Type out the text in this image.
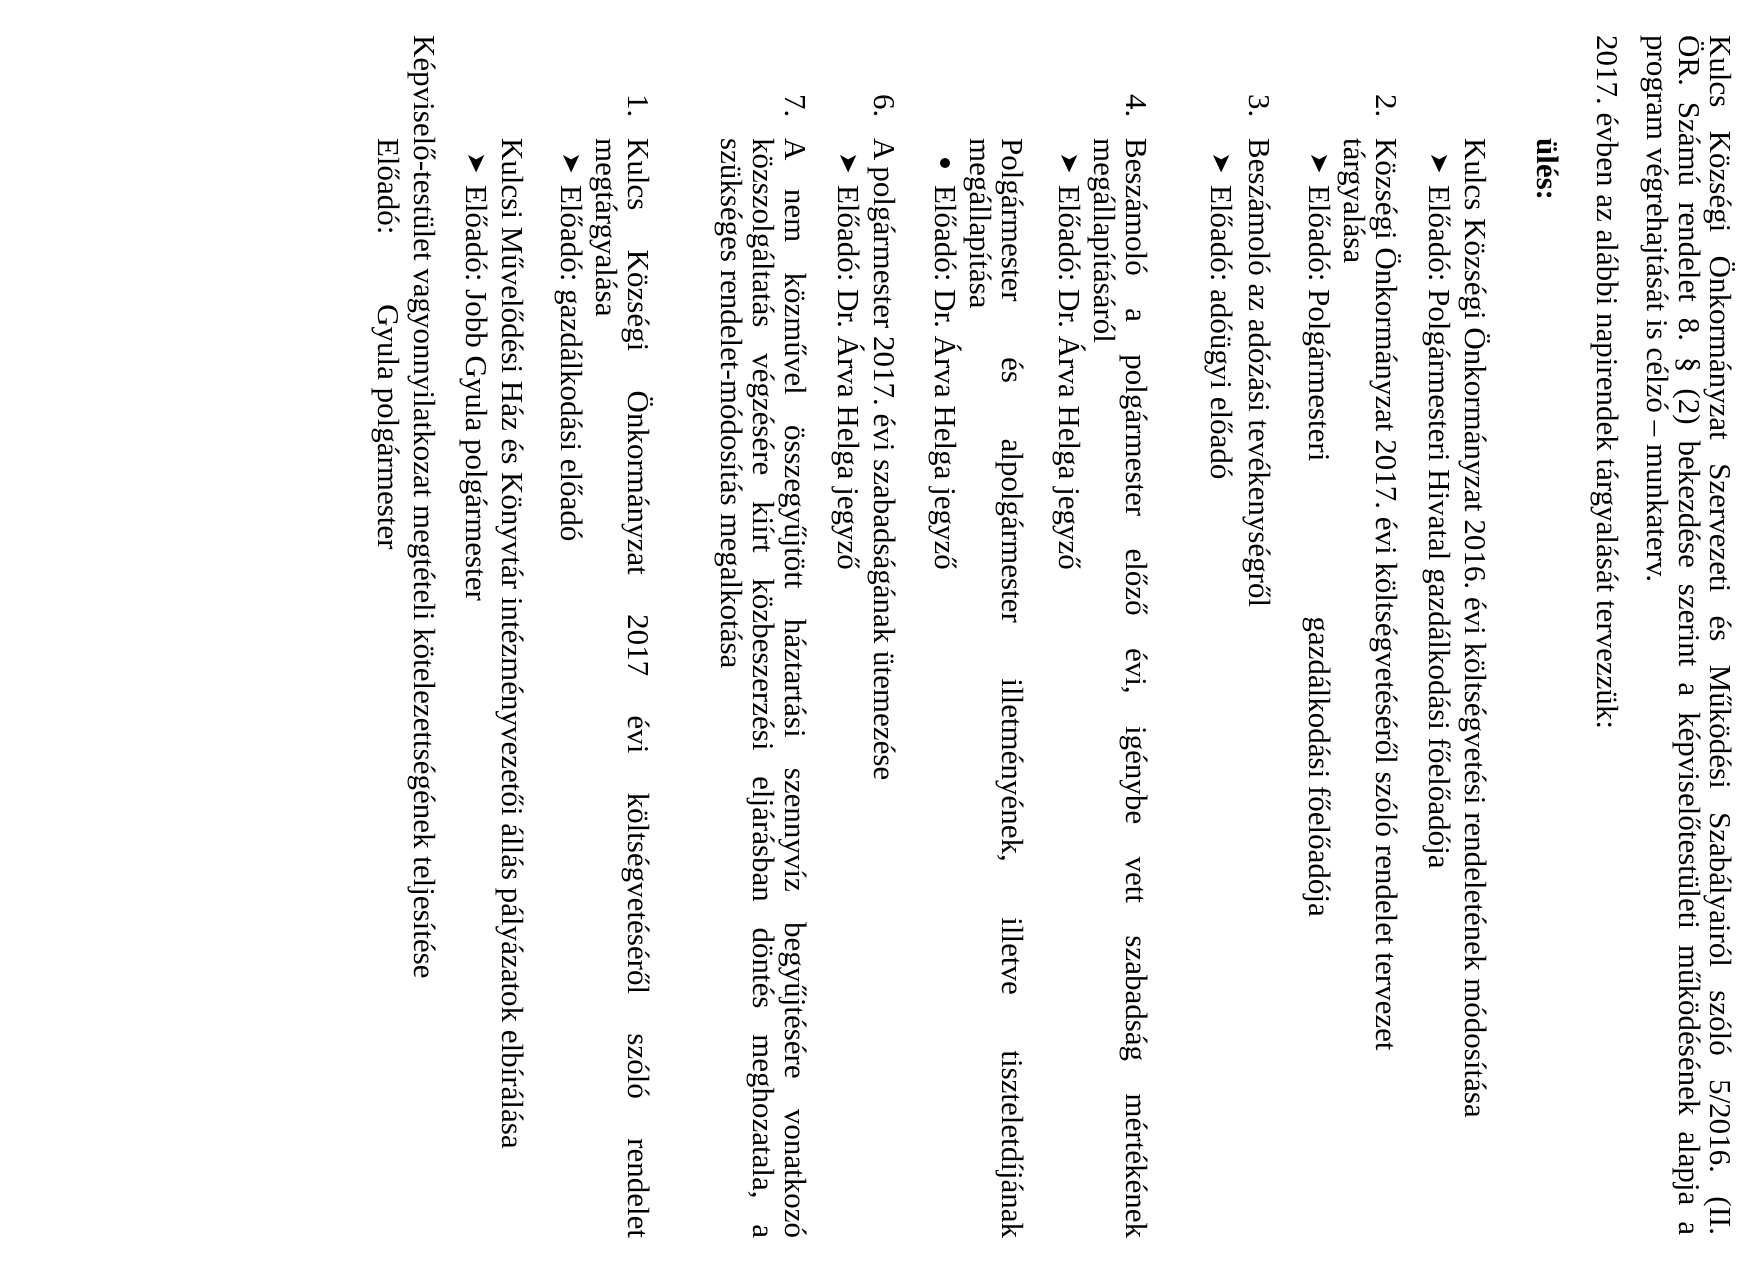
Kulcs Községi Önkormányzat Szervezeti és Működési Szabályairól szóló 5/2016. (II.
ÖR. Számú rendelet 8. § (2) bekezdése szerint a képviselőtestületi működésének alapja a
program végrehajtását is célzó – munkaterv.
2017. évben az alábbi napirendek tárgyalását tervezzük:
ülés:
Kulcs Községi Önkormányzat 2016. évi költségvetési rendeletének módosítása
➤
Előadó: Polgármesteri Hivatal gazdálkodási főelőadója
2.
Községi Önkormányzat 2017. évi költségvetéséről szóló rendelet tervezet
tárgyalása
➤
Előadó: Polgármesteri                    gazdálkodási főelőadója
3.
Beszámoló az adózási tevékenységről
➤
Előadó: adóügyi előadó
4.
Beszámoló a polgármester előző évi, igénybe vett szabadság mértékének
megállapításáról
➤
Előadó: Dr. Árva Helga jegyző
Polgármester és alpolgármester illetményének, illetve tiszteletdíjának
megállapítása
Előadó: Dr. Árva Helga jegyző
6.
A polgármester 2017. évi szabadságának ütemezése
➤
Előadó: Dr. Árva Helga jegyző
7.
A nem közművel összegyűjtött háztartási szennyvíz begyűjtésére vonatkozó
közszolgáltatás végzésére kiírt közbeszerzési eljárásban döntés meghozatala, a
szükséges rendelet-módosítás megalkotása
1.
Kulcs Községi Önkormányzat 2017 évi költségvetéséről szóló rendelet
megtárgyalása
➤
Előadó: gazdálkodási előadó
Kulcsi Művelődési Ház és Könyvtár intézményvezetői állás pályázatok elbírálása
➤
Előadó: Jobb Gyula polgármester
Képviselő-testület vagyonnyilatkozat megtételi kötelezettségének teljesítése
Előadó:         Gyula polgármester
